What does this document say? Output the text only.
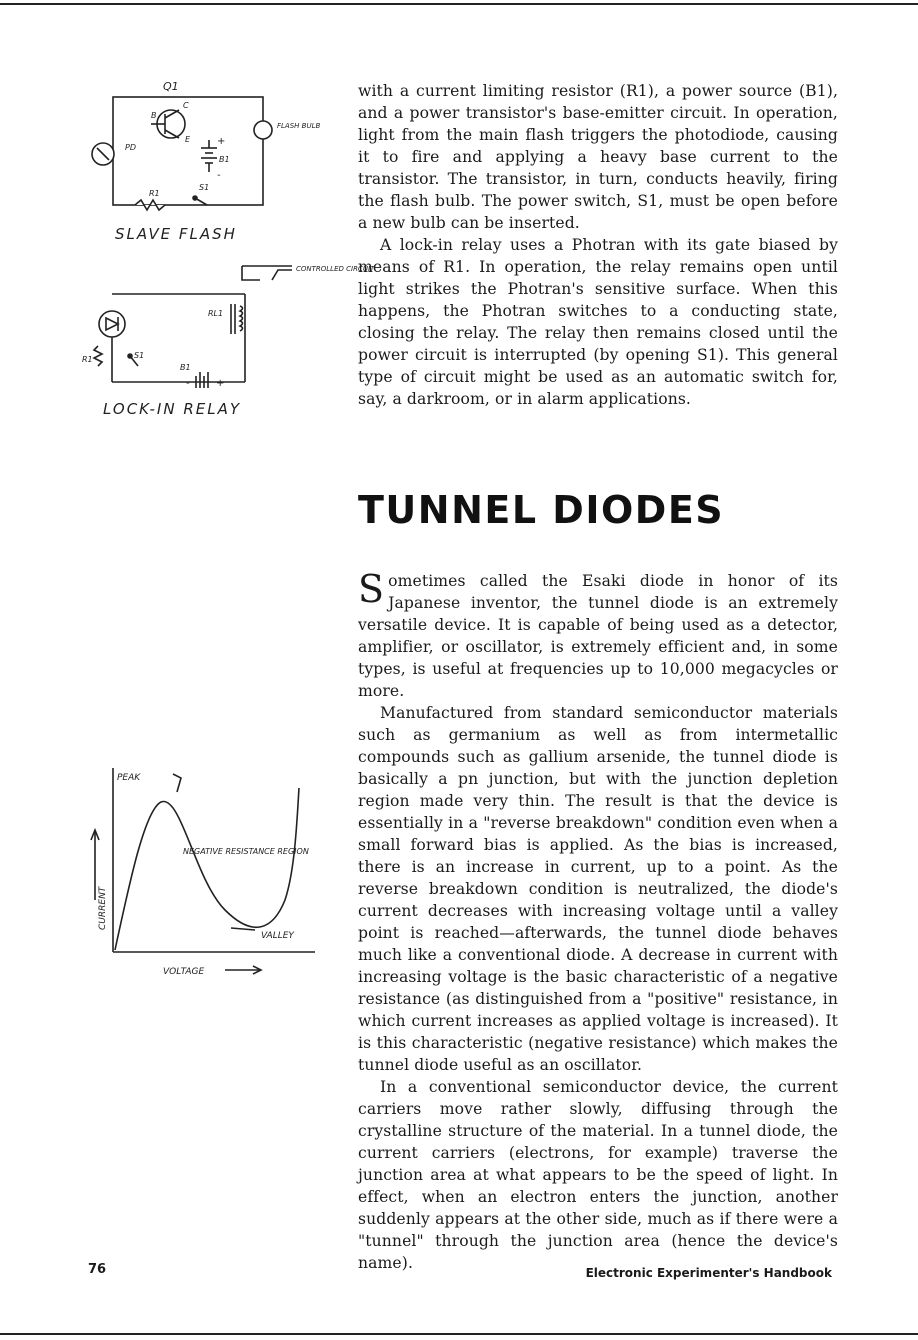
Q1
C
B
E
PD
+
-
B1
R1
S1
FLASH BULB
SLAVE FLASH
CONTROLLED CIRCUIT
RL1
R1	S1
B1
-	+
LOCK-IN RELAY

with a current limiting resistor (R1), a power source (B1), and a power transistor's base-emitter circuit. In operation, light from the main flash triggers the photodiode, causing it to fire and applying a heavy base current to the transistor. The transistor, in turn, conducts heavily, firing the flash bulb. The power switch, S1, must be open before a new bulb can be inserted.

A lock-in relay uses a Photran with its gate biased by means of R1. In operation, the relay remains open until light strikes the Photran's sensitive surface. When this happens, the Photran switches to a conducting state, closing the relay. The relay then remains closed until the power circuit is interrupted (by opening S1). This general type of circuit might be used as an automatic switch for, say, a darkroom, or in alarm applications.

TUNNEL DIODES
PEAK
NEGATIVE RESISTANCE REGION
VALLEY
CURRENT
VOLTAGE

Sometimes called the Esaki diode in honor of its Japanese inventor, the tunnel diode is an extremely versatile device. It is capable of being used as a detector, amplifier, or oscillator, is extremely efficient and, in some types, is useful at frequencies up to 10,000 megacycles or more.

Manufactured from standard semiconductor materials such as germanium as well as from intermetallic compounds such as gallium arsenide, the tunnel diode is basically a pn junction, but with the junction depletion region made very thin. The result is that the device is essentially in a "reverse breakdown" condition even when a small forward bias is applied. As the bias is increased, there is an increase in current, up to a point. As the reverse breakdown condition is neutralized, the diode's current decreases with increasing voltage until a valley point is reached—afterwards, the tunnel diode behaves much like a conventional diode. A decrease in current with increasing voltage is the basic characteristic of a negative resistance (as distinguished from a "positive" resistance, in which current increases as applied voltage is increased). It is this characteristic (negative resistance) which makes the tunnel diode useful as an oscillator.

In a conventional semiconductor device, the current carriers move rather slowly, diffusing through the crystalline structure of the material. In a tunnel diode, the current carriers (electrons, for example) traverse the junction area at what appears to be the speed of light. In effect, when an electron enters the junction, another suddenly appears at the other side, much as if there were a "tunnel" through the junction area (hence the device's name).

76	Electronic Experimenter's Handbook
